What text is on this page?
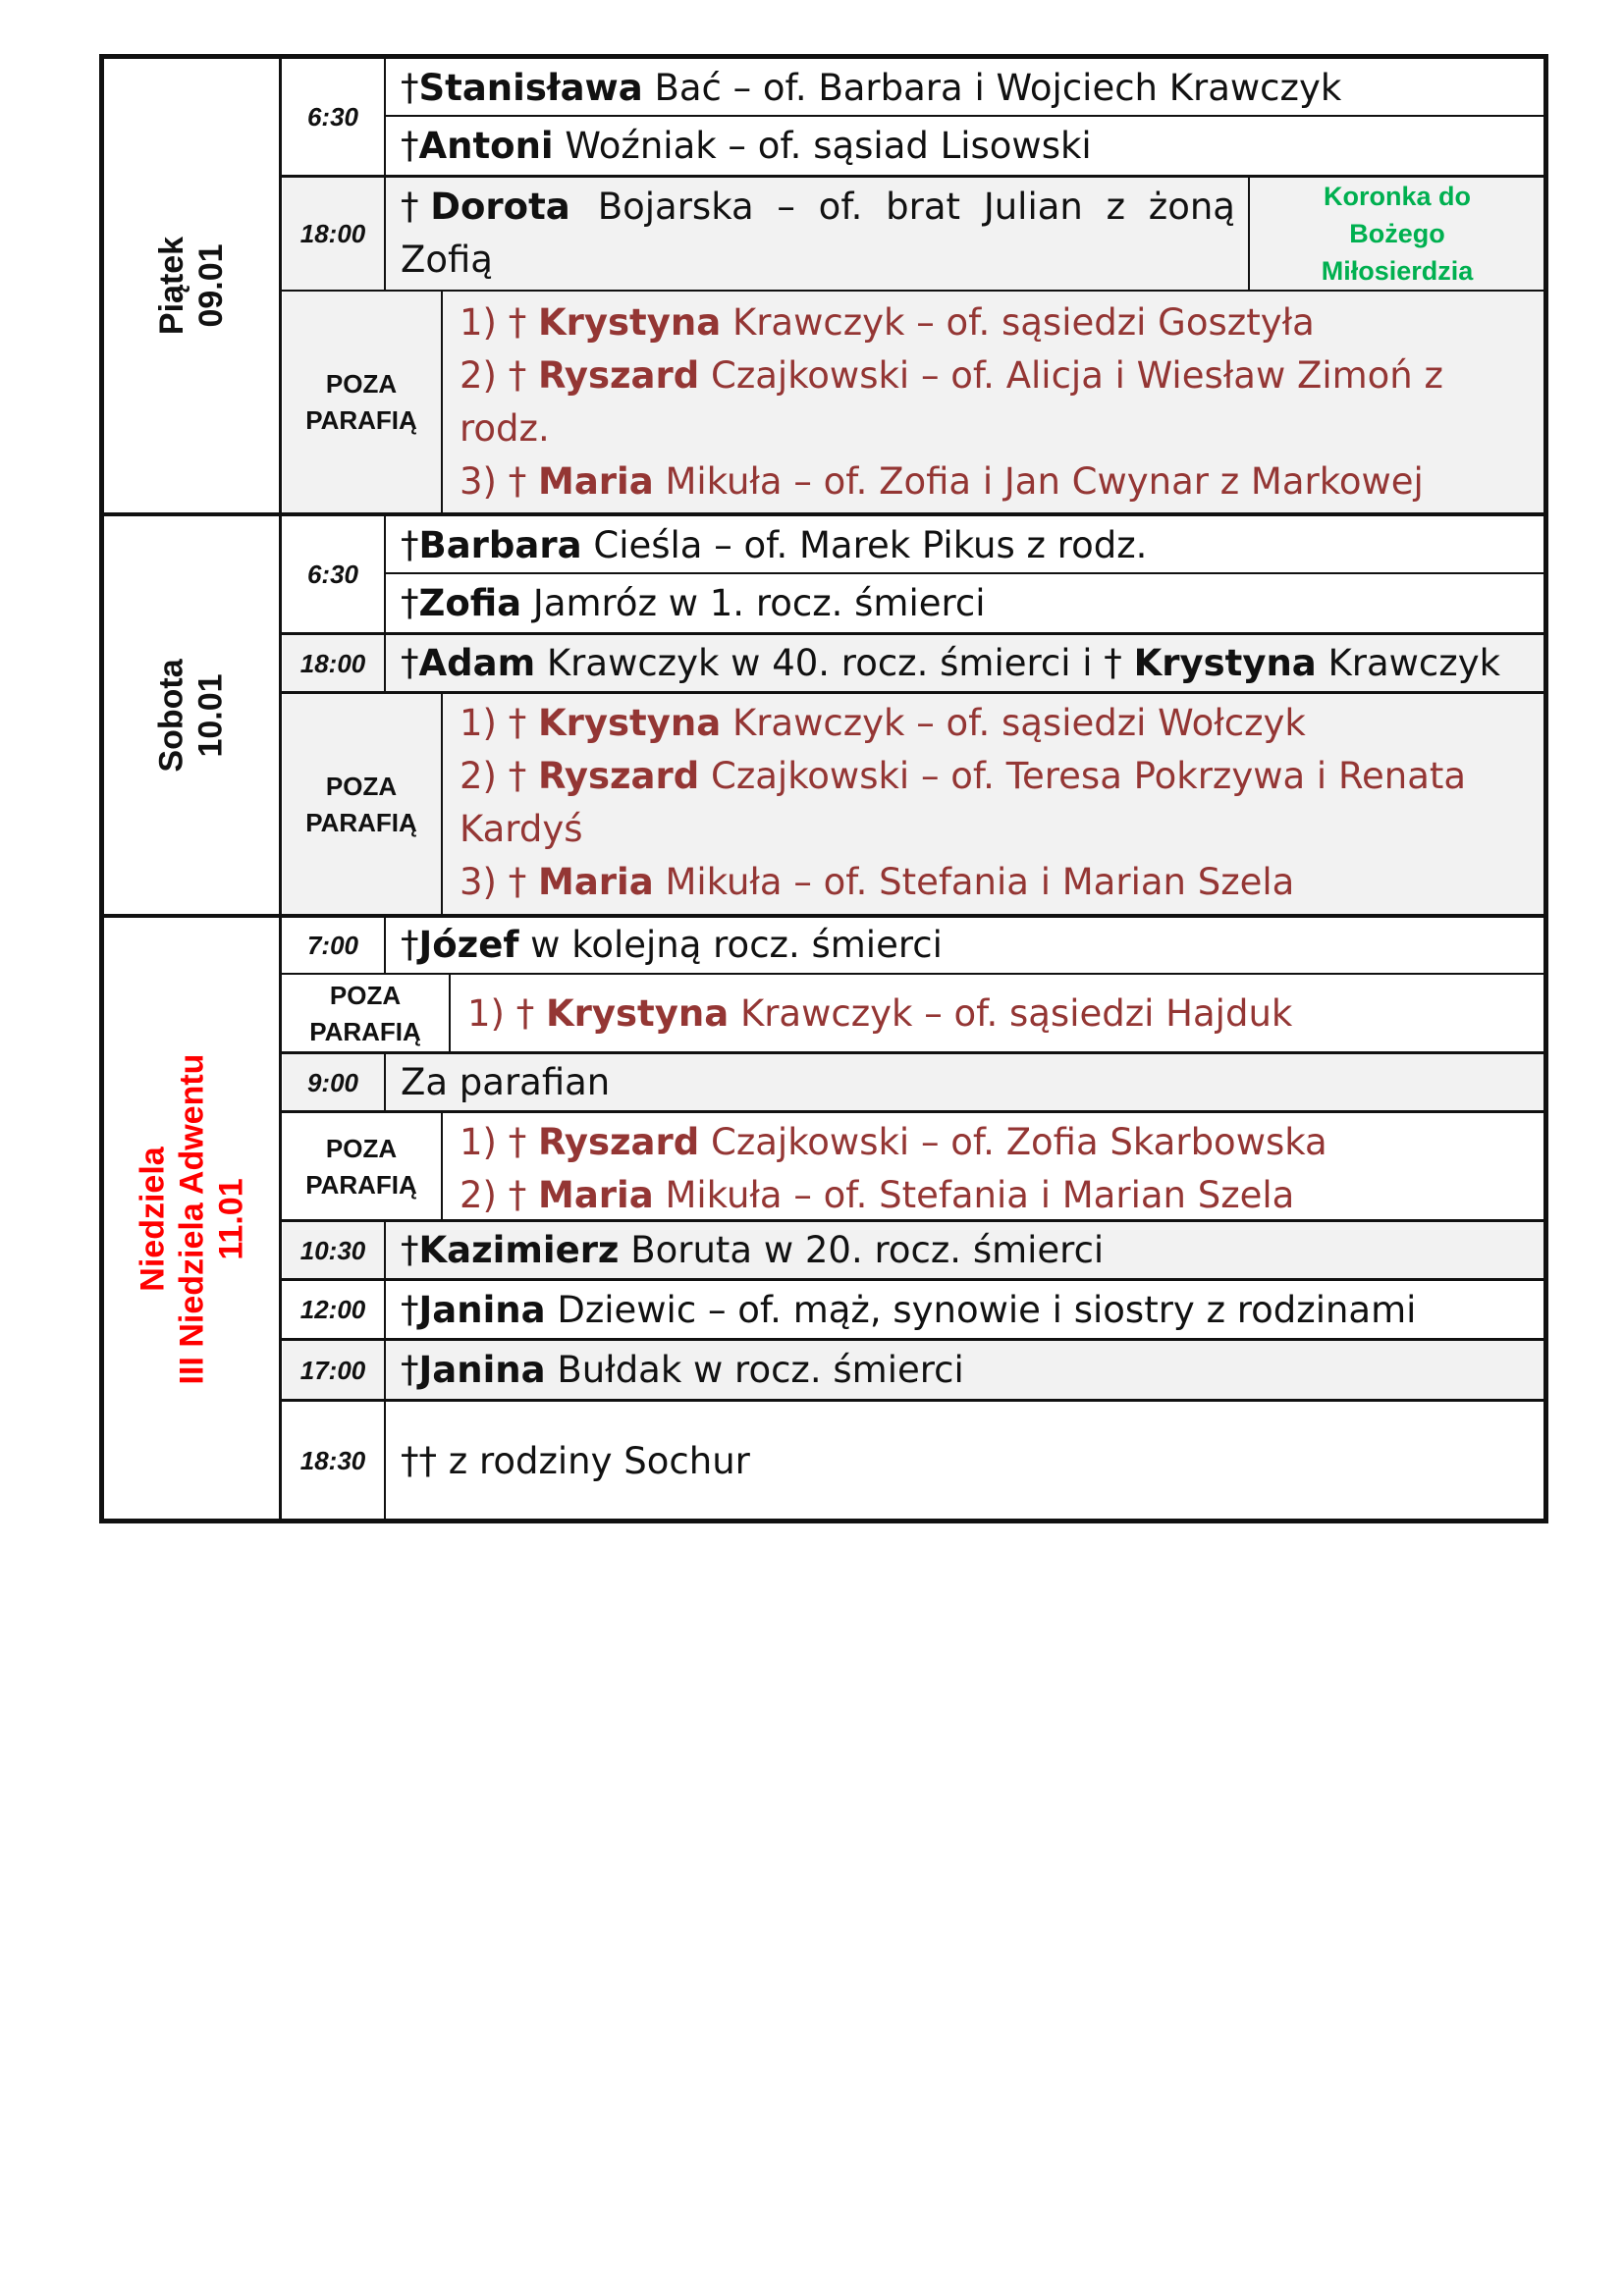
Piątek 09.01
Sobota 10.01
Niedziela III Niedziela Adwentu 11.01
6:30
† Stanisława Bać – of. Barbara i Wojciech Krawczyk
† Antoni Woźniak – of. sąsiad Lisowski
18:00
† Dorota Bojarska – of. brat Julian z żoną
Zofią
Koronka do
Bożego
Miłosierdzia
POZA
PARAFIĄ
1) † Krystyna Krawczyk – of. sąsiedzi Gosztyła
2) † Ryszard Czajkowski – of. Alicja i Wiesław Zimoń z
rodz.
3) † Maria Mikuła – of. Zofia i Jan Cwynar z Markowej
6:30
† Barbara Cieśla – of. Marek Pikus z rodz.
† Zofia Jamróz w 1. rocz. śmierci
18:00 † Adam Krawczyk w 40. rocz. śmierci i † Krystyna Krawczyk
POZA
PARAFIĄ
1) † Krystyna Krawczyk – of. sąsiedzi Wołczyk
2) † Ryszard Czajkowski – of. Teresa Pokrzywa i Renata
Kardyś
3) † Maria Mikuła – of. Stefania i Marian Szela
7:00	† Józef w kolejną rocz. śmierci
POZA
PARAFIĄ 1) † Krystyna Krawczyk – of. sąsiedzi Hajduk
9:00	Za parafian
POZA
PARAFIĄ
1) † Ryszard Czajkowski – of. Zofia Skarbowska
2) † Maria Mikuła – of. Stefania i Marian Szela
10:30 † Kazimierz Boruta w 20. rocz. śmierci
12:00 † Janina Dziewic – of. mąż, synowie i siostry z rodzinami
17:00 † Janina Bułdak w rocz. śmierci
18:30 †† z rodziny Sochur
